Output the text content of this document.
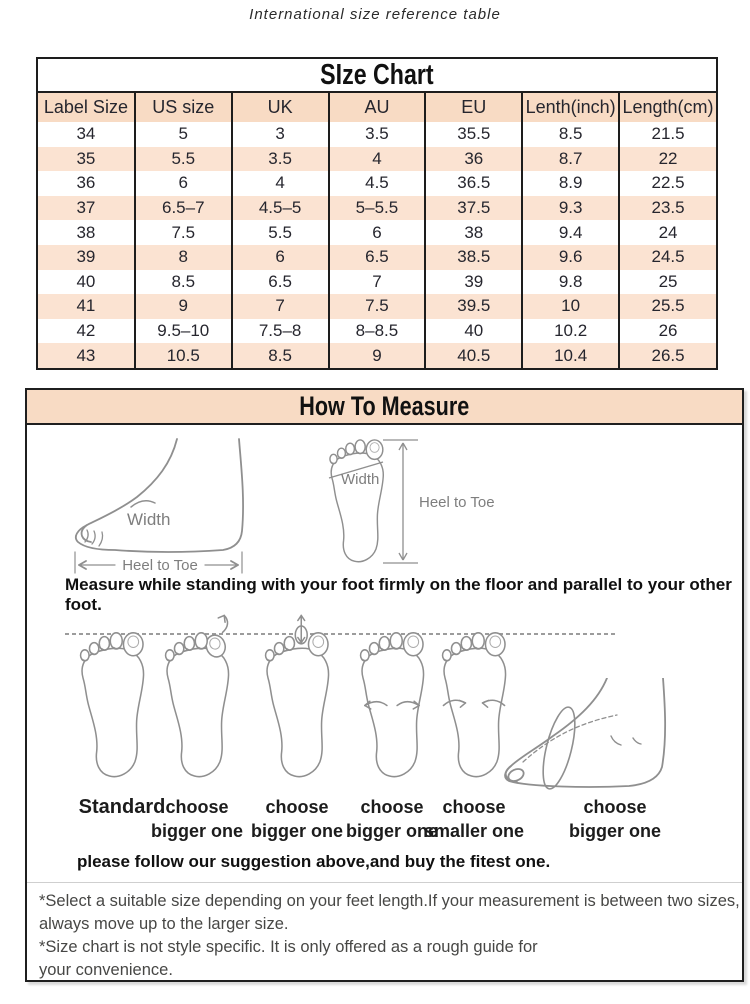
International size reference table
SIze Chart
Label Size	US size	UK	AU	EU	Lenth(inch)	Length(cm)
34	5	3	3.5	35.5	8.5	21.5
35	5.5	3.5	4	36	8.7	22
36	6	4	4.5	36.5	8.9	22.5
37	6.5–7	4.5–5	5–5.5	37.5	9.3	23.5
38	7.5	5.5	6	38	9.4	24
39	8	6	6.5	38.5	9.6	24.5
40	8.5	6.5	7	39	9.8	25
41	9	7	7.5	39.5	10	25.5
42	9.5–10	7.5–8	8–8.5	40	10.2	26
43	10.5	8.5	9	40.5	10.4	26.5
How To Measure
Width
Heel to Toe
Width
Heel to Toe
Measure while standing with your foot firmly on the floor and parallel to your other foot.
Standard choose
bigger one
choose
bigger one
choose
bigger one
choose
smaller one
choose
bigger one
please follow our suggestion above,and buy the fitest one.
*Select a suitable size depending on your feet length.If your measurement is between two sizes,
always move up to the larger size.
*Size chart is not style specific. It is only offered as a rough guide for
your convenience.
